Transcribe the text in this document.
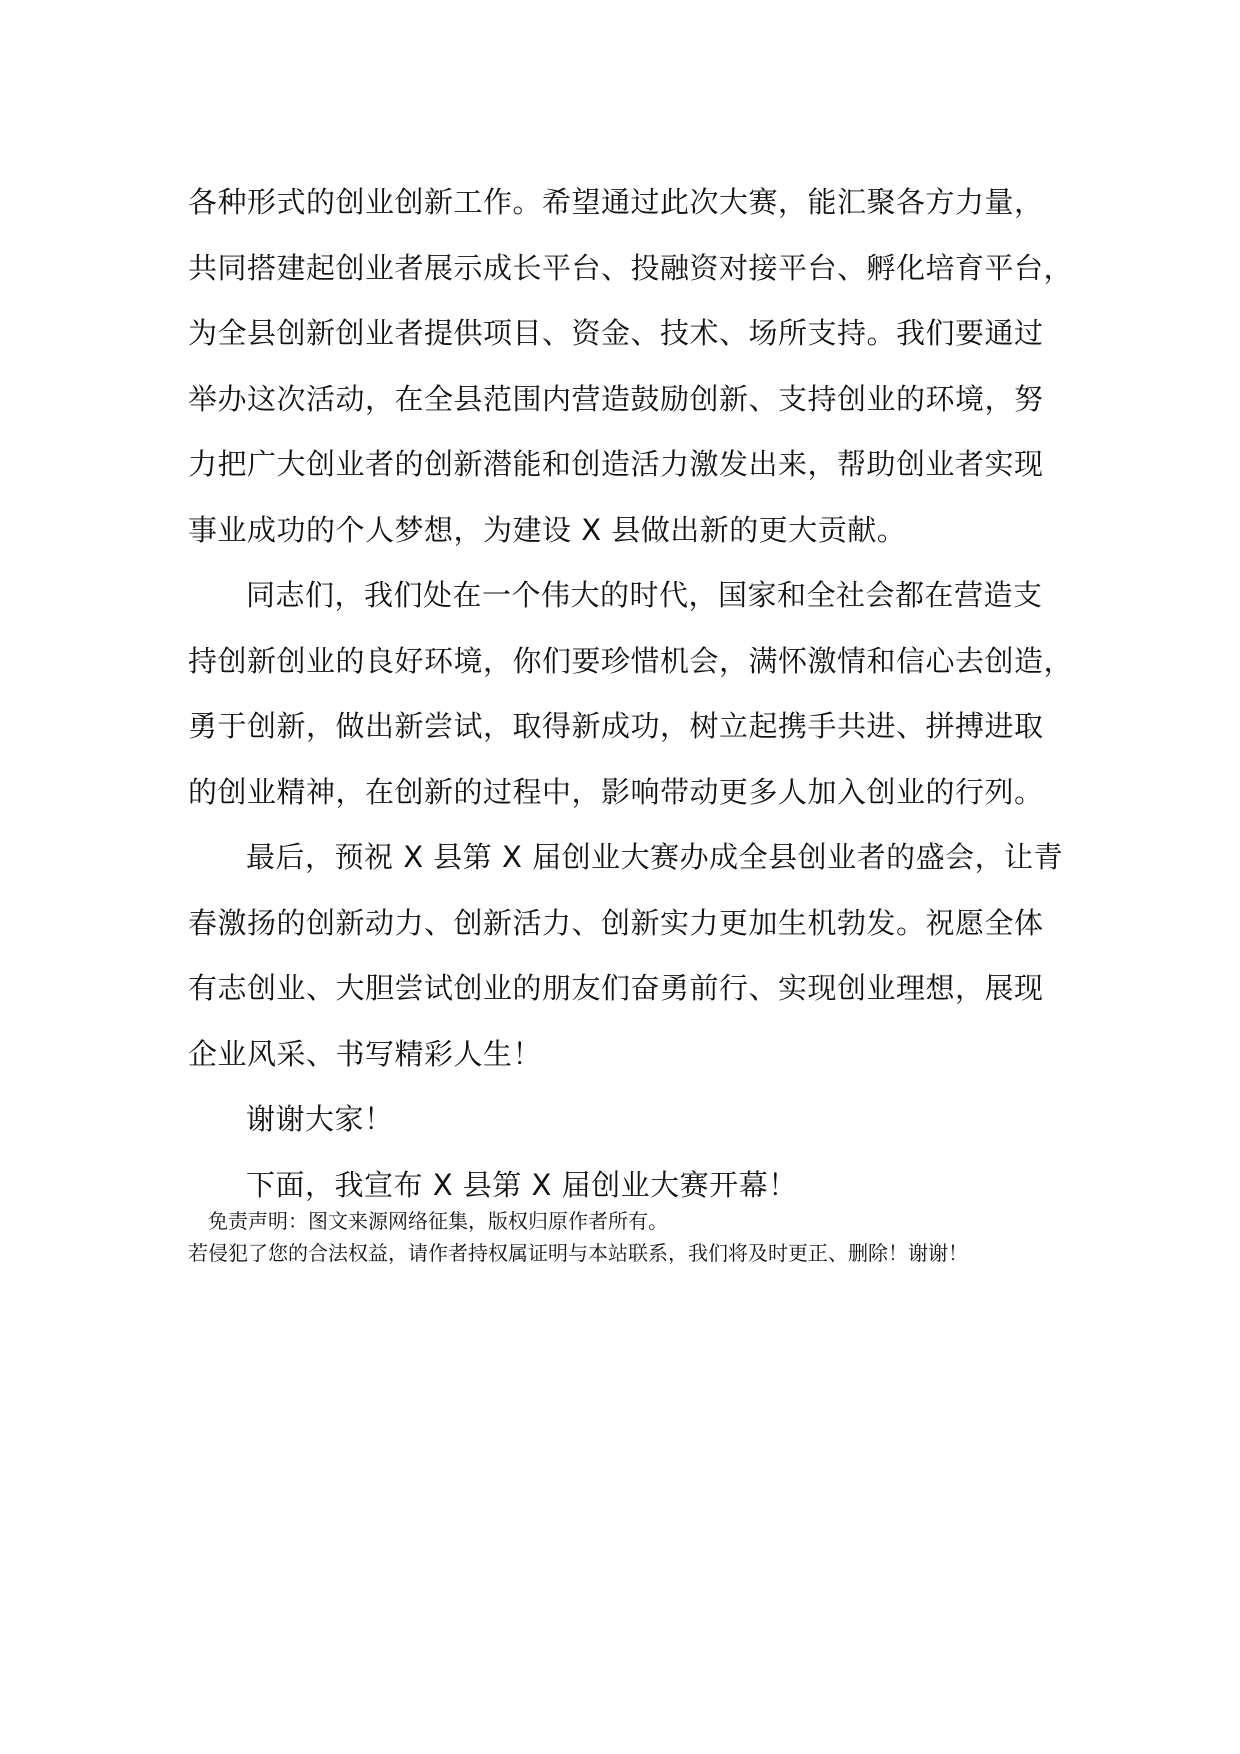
各种形式的创业创新工作。希望通过此次大赛，能汇聚各方力量，
共同搭建起创业者展示成长平台、投融资对接平台、孵化培育平台，
为全县创新创业者提供项目、资金、技术、场所支持。我们要通过
举办这次活动，在全县范围内营造鼓励创新、支持创业的环境，努
力把广大创业者的创新潜能和创造活力激发出来，帮助创业者实现
事业成功的个人梦想，为建设 X 县做出新的更大贡献。
同志们，我们处在一个伟大的时代，国家和全社会都在营造支
持创新创业的良好环境，你们要珍惜机会，满怀激情和信心去创造，
勇于创新，做出新尝试，取得新成功，树立起携手共进、拼搏进取
的创业精神，在创新的过程中，影响带动更多人加入创业的行列。
最后，预祝 X 县第 X 届创业大赛办成全县创业者的盛会，让青
春激扬的创新动力、创新活力、创新实力更加生机勃发。祝愿全体
有志创业、大胆尝试创业的朋友们奋勇前行、实现创业理想，展现
企业风采、书写精彩人生！
谢谢大家！
下面，我宣布 X 县第 X 届创业大赛开幕！
免责声明：图文来源网络征集，版权归原作者所有。
若侵犯了您的合法权益，请作者持权属证明与本站联系，我们将及时更正、删除！谢谢！
